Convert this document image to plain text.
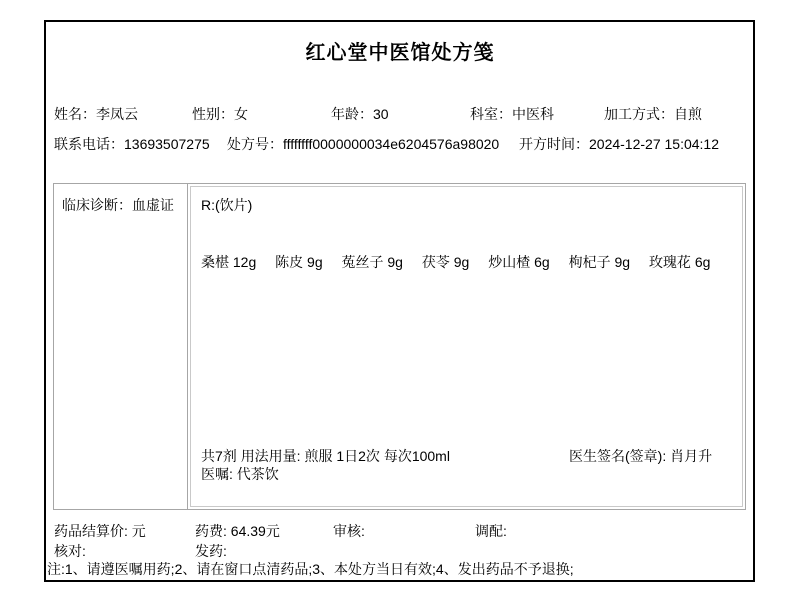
红心堂中医馆处方笺
姓名：李凤云	性别：女	年龄：30	科室：中医科	加工方式：自煎
联系电话：13693507275 处方号：ffffffff0000000034e6204576a98020 开方时间：2024-12-27 15:04:12
临床诊断：血虚证	R:(饮片)
桑椹 12g 陈皮 9g 菟丝子 9g 茯苓 9g 炒山楂 6g 枸杞子 9g 玫瑰花 6g
共7剂 用法用量: 煎服 1日2次 每次100ml
医嘱: 代茶饮
医生签名(签章): 肖月升
药品结算价: 元	药费: 64.39元	审核:	调配:
核对:	发药:
注:1、请遵医嘱用药;2、请在窗口点清药品;3、本处方当日有效;4、发出药品不予退换;
